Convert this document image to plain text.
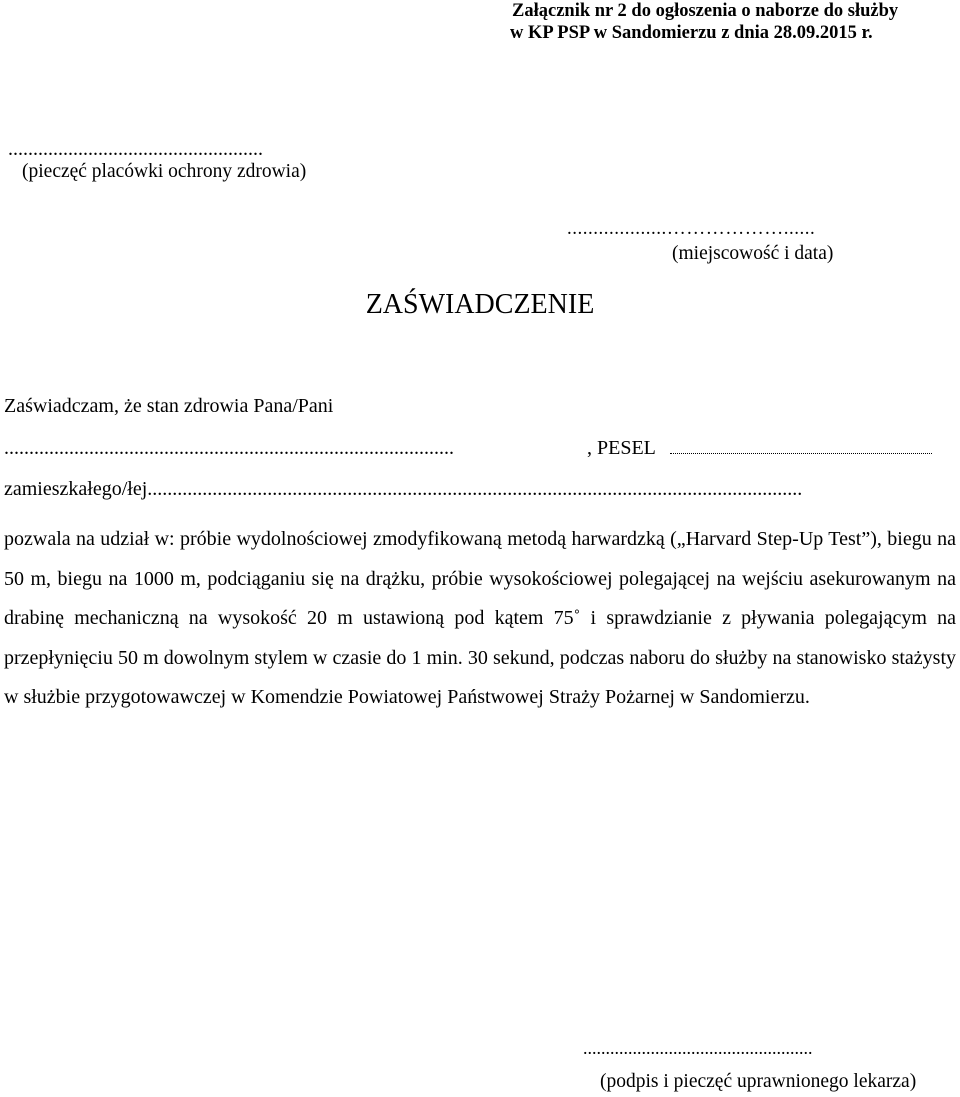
Załącznik nr 2 do ogłoszenia o naborze do służby
w KP PSP w Sandomierzu z dnia 28.09.2015 r.
...................................................
(pieczęć placówki ochrony zdrowia)
...................………………......
(miejscowość i data)
ZAŚWIADCZENIE
Zaświadczam, że stan zdrowia Pana/Pani
..........................................................................................	, PESEL
zamieszkałego/łej...................................................................................................................................
pozwala na udział w: próbie wydolnościowej zmodyfikowaną metodą harwardzką („Harvard Step-Up Test”), biegu na 50 m, biegu na 1000 m, podciąganiu się na drążku, próbie wysokościowej polegającej na wejściu asekurowanym na drabinę mechaniczną na wysokość 20 m ustawioną pod kątem 75˚ i sprawdzianie z pływania polegającym na przepłynięciu 50 m dowolnym stylem w czasie do 1 min. 30 sekund, podczas naboru do służby na stanowisko stażysty w służbie przygotowawczej w Komendzie Powiatowej Państwowej Straży Pożarnej w Sandomierzu.
...................................................
(podpis i pieczęć uprawnionego lekarza)
